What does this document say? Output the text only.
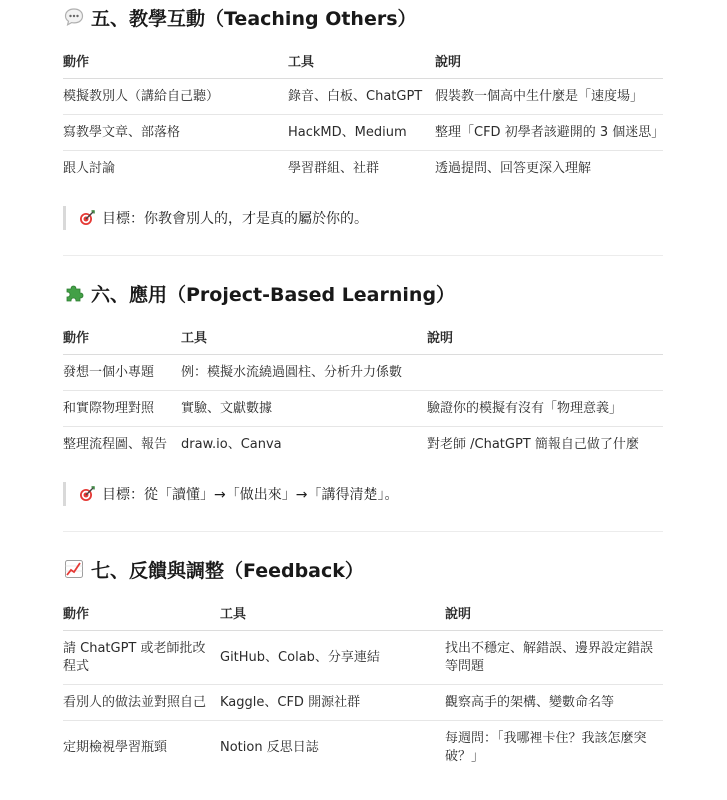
五、教學互動（Teaching Others）
動作	工具	說明
模擬教別人（講給自己聽）	錄音、白板、ChatGPT	假裝教一個高中生什麼是「速度場」
寫教學文章、部落格	HackMD、Medium	整理「CFD 初學者該避開的 3 個迷思」
跟人討論	學習群組、社群	透過提問、回答更深入理解
目標：你教會別人的，才是真的屬於你的。
六、應用（Project-Based Learning）
動作	工具	說明
發想一個小專題	例：模擬水流繞過圓柱、分析升力係數	
和實際物理對照	實驗、文獻數據	驗證你的模擬有沒有「物理意義」
整理流程圖、報告	draw.io、Canva	對老師 /ChatGPT 簡報自己做了什麼
目標：從「讀懂」→「做出來」→「講得清楚」。
七、反饋與調整（Feedback）
動作	工具	說明
請 ChatGPT 或老師批改程式	GitHub、Colab、分享連結	找出不穩定、解錯誤、邊界設定錯誤等問題
看別人的做法並對照自己	Kaggle、CFD 開源社群	觀察高手的架構、變數命名等
定期檢視學習瓶頸	Notion 反思日誌	每週問：「我哪裡卡住？我該怎麼突破？」
